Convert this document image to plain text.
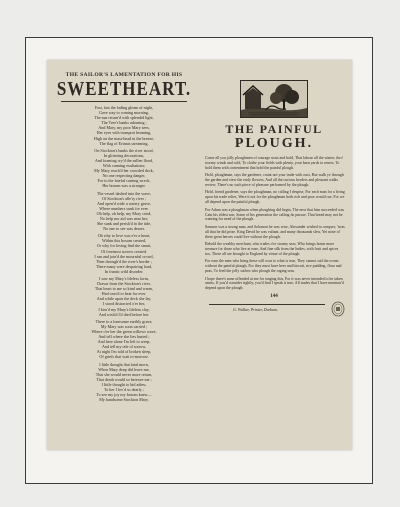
THE SAILOR'S LAMENTATION FOR HIS
SWEETHEART.
Fast, fast the fading gleam of night,
Gave way to coming morning,
The sun return'd with splendid light,
The Tree's banks adorning ;
And Mary, my poor Mary sees,
Her eyes with transport beaming,
High on the mast-head in the breeze,
The flag of Erinnis streaming.
On Stockton's banks the river stood,
In glittering decorations,
And foaming cry'd the sullen flood,
With cunning exultations;
My Mary reach'd her crowded deck,
No one respecting danger,
For to the fateful coming wreck,
Her bosom was a stranger.
The vessel dashed into the wave,
Of Stockton's alle'ry river ;
And open'd wide a watery grave,
Where numbers sunk for ever.
Oh help, oh help, my Mary cried,
No help nor aid was near her,
She sunk and perish'd in the tide,
No one to see was dearer.
Oh why to love was e'er a heart,
Within this bosom created,
Or why for loving find the smart,
Of foremost sorrow created.
I ran and join'd the mournful crowd,
Then through'd the river's border ;
There many were despairing loud,
In frantic wild disorder.
I saw my Mary's lifeless form,
Drawn from the Stockton's river,
That heart to me so kind and warm,
Had ceas'd to beat for ever.
And while upon the deck she lay,
I stood distracted o'er her,
I kiss'd my Mary's lifeless clay,
And wish'd I'd died before her.
There to a lonesome earthly grave,
My Mary was soon carried ;
Where o'er her the green willows wave,
And tell where she lies buried ;
And here alone I'm left to weep,
And tell my tale of sorrow,
At night I'm told of broken sleep,
Of griefs that wait to-morrow.
I little thought that fatal morn,
When Mary deep did leave me,
That she would never more return,
That death would so bereave me ;
I little thought to bid adieu,
To her I lov'd so dearly ;
To see my joy my bosom knew—
My handsome Stockton Mary.
THE PAINFUL
PLOUGH.
Come all you jolly ploughmen of courage stout and bold, That labour all the winter, thro' stormy winds and cold, To clothe your fields with plenty, your barn yards to renew, To hold them with contentment that hold the painful plough.
Hold, ploughman, says the gardener, count not your trade with ours, But walk ye through the garden and view the early flowers, And all the curious borders and pleasant walks review, There's no such piece of pleasure performed by the plough.
Hold, friend gardener, says the ploughman, no calling I despise, For each man for a living upon his trade relies, Were it not for the ploughman both rich and poor would rue, For we all depend upon the painful plough.
For Adam was a ploughman when ploughing did begin, The next that him succeeded was Cain his eldest son, Some of his generation the calling do pursue, That bread may not be wanting for need of the plough.
Samson was a strong man, and Solomon he was wise, Alexander wished to conquer, 'twas all that he did prize. King David he was valiant, and many thousands slew, Yet none of these great heroes could live without the plough.
Behold the wealthy merchant, who trades o'er stormy seas, Who brings home more treasure for those who live at ease, And fine silk from the Indies, with fruit and spices too, These all are brought to England by virtue of the plough.
For ease the men who bring these will own to what is true, They cannot sail the ocean without the painful plough, For they must have beer and biscuit, rice pudding, flour and peas, To feed the jolly sailors who plough the raging seas.
I hope there's none offended at me for singing this, For it was never intended to be taken amiss, If you'd consider rightly, you'd find I speak it true, All trades that I have mention'd depend upon the plough.
144
G. Walker, Printer, Durham.
